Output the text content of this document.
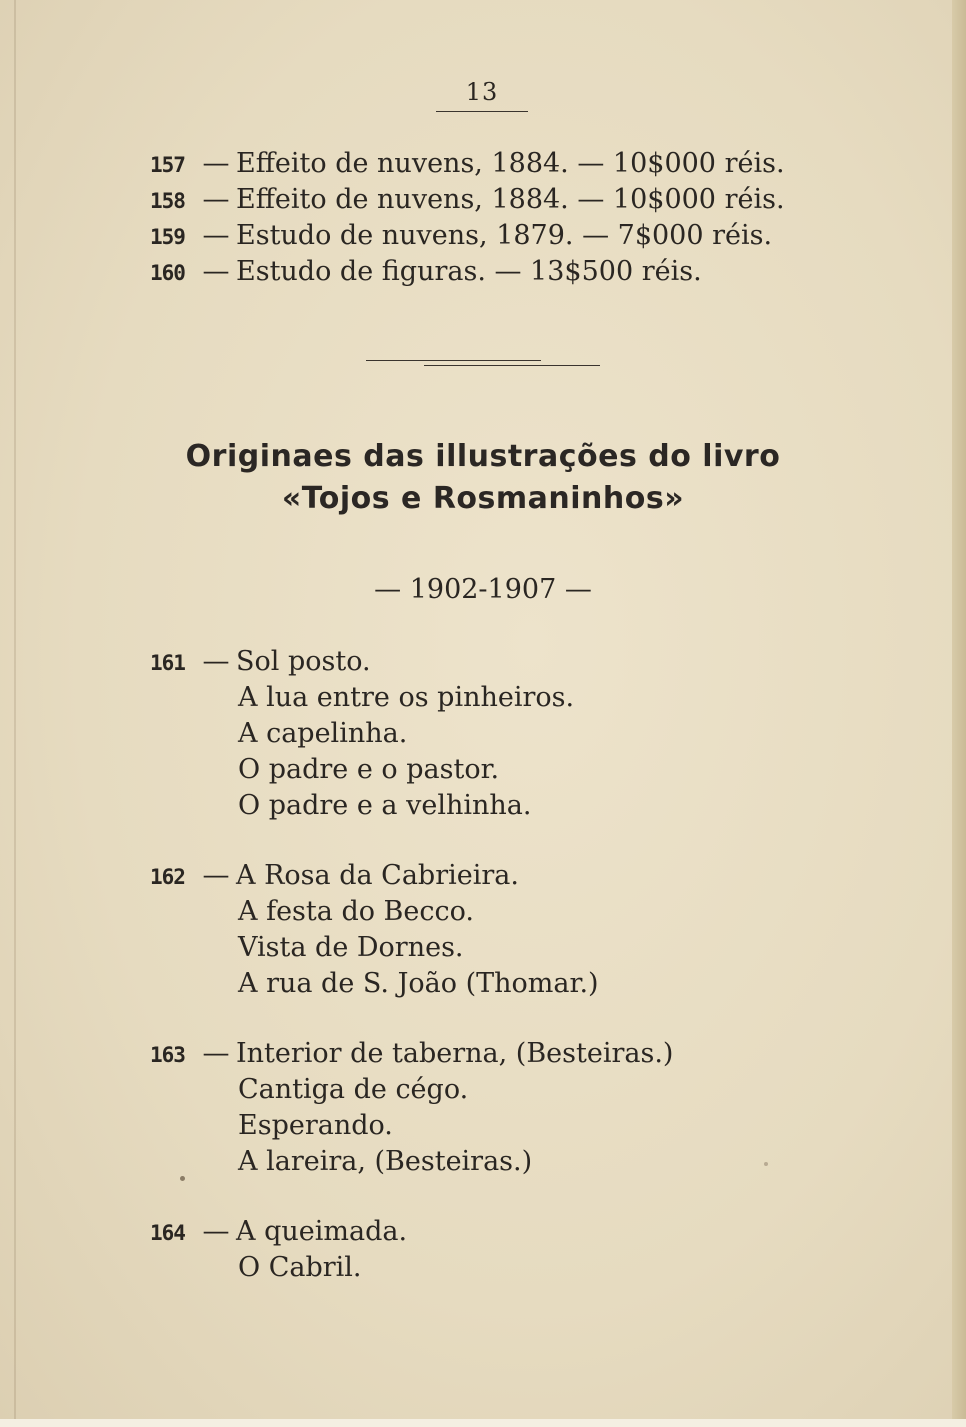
13
157 — Effeito de nuvens, 1884. — 10$000 réis.
158 — Effeito de nuvens, 1884. — 10$000 réis.
159 — Estudo de nuvens, 1879. — 7$000 réis.
160 — Estudo de figuras. — 13$500 réis.
Originaes das illustrações do livro
«Tojos e Rosmaninhos»
— 1902-1907 —
161 — Sol posto.
A lua entre os pinheiros.
A capelinha.
O padre e o pastor.
O padre e a velhinha.
162 — A Rosa da Cabrieira.
A festa do Becco.
Vista de Dornes.
A rua de S. João (Thomar.)
163 — Interior de taberna, (Besteiras.)
Cantiga de cégo.
Esperando.
A lareira, (Besteiras.)
164 — A queimada.
O Cabril.
